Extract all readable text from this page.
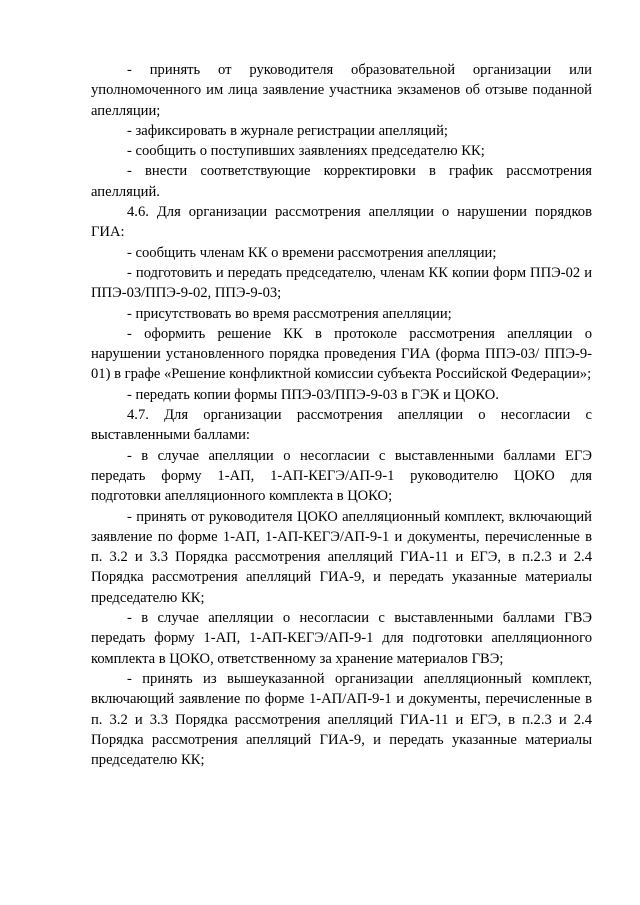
- принять от руководителя образовательной организации или уполномоченного им лица заявление участника экзаменов об отзыве поданной апелляции;

- зафиксировать в журнале регистрации апелляций;

- сообщить о поступивших заявлениях председателю КК;

- внести соответствующие корректировки в график рассмотрения апелляций.

4.6. Для организации рассмотрения апелляции о нарушении порядков ГИА:

- сообщить членам КК о времени рассмотрения апелляции;

- подготовить и передать председателю, членам КК копии форм ППЭ-02 и ППЭ-03/ППЭ-9-02, ППЭ-9-03;

- присутствовать во время рассмотрения апелляции;

- оформить решение КК в протоколе рассмотрения апелляции о нарушении установленного порядка проведения ГИА (форма ППЭ-03/ ППЭ-9-01) в графе «Решение конфликтной комиссии субъекта Российской Федерации»;

- передать копии формы ППЭ-03/ППЭ-9-03 в ГЭК и ЦОКО.

4.7. Для организации рассмотрения апелляции о несогласии с выставленными баллами:

- в случае апелляции о несогласии с выставленными баллами ЕГЭ передать форму 1-АП, 1-АП-КЕГЭ/АП-9-1 руководителю ЦОКО для подготовки апелляционного комплекта в ЦОКО;

- принять от руководителя ЦОКО апелляционный комплект, включающий заявление по форме 1-АП, 1-АП-КЕГЭ/АП-9-1 и документы, перечисленные в п. 3.2 и 3.3 Порядка рассмотрения апелляций ГИА-11 и ЕГЭ, в п.2.3 и 2.4 Порядка рассмотрения апелляций ГИА-9, и передать указанные материалы председателю КК;

- в случае апелляции о несогласии с выставленными баллами ГВЭ передать форму 1-АП, 1-АП-КЕГЭ/АП-9-1 для подготовки апелляционного комплекта в ЦОКО, ответственному за хранение материалов ГВЭ;

- принять из вышеуказанной организации апелляционный комплект, включающий заявление по форме 1-АП/АП-9-1 и документы, перечисленные в п. 3.2 и 3.3 Порядка рассмотрения апелляций ГИА-11 и ЕГЭ, в п.2.3 и 2.4 Порядка рассмотрения апелляций ГИА-9, и передать указанные материалы председателю КК;
